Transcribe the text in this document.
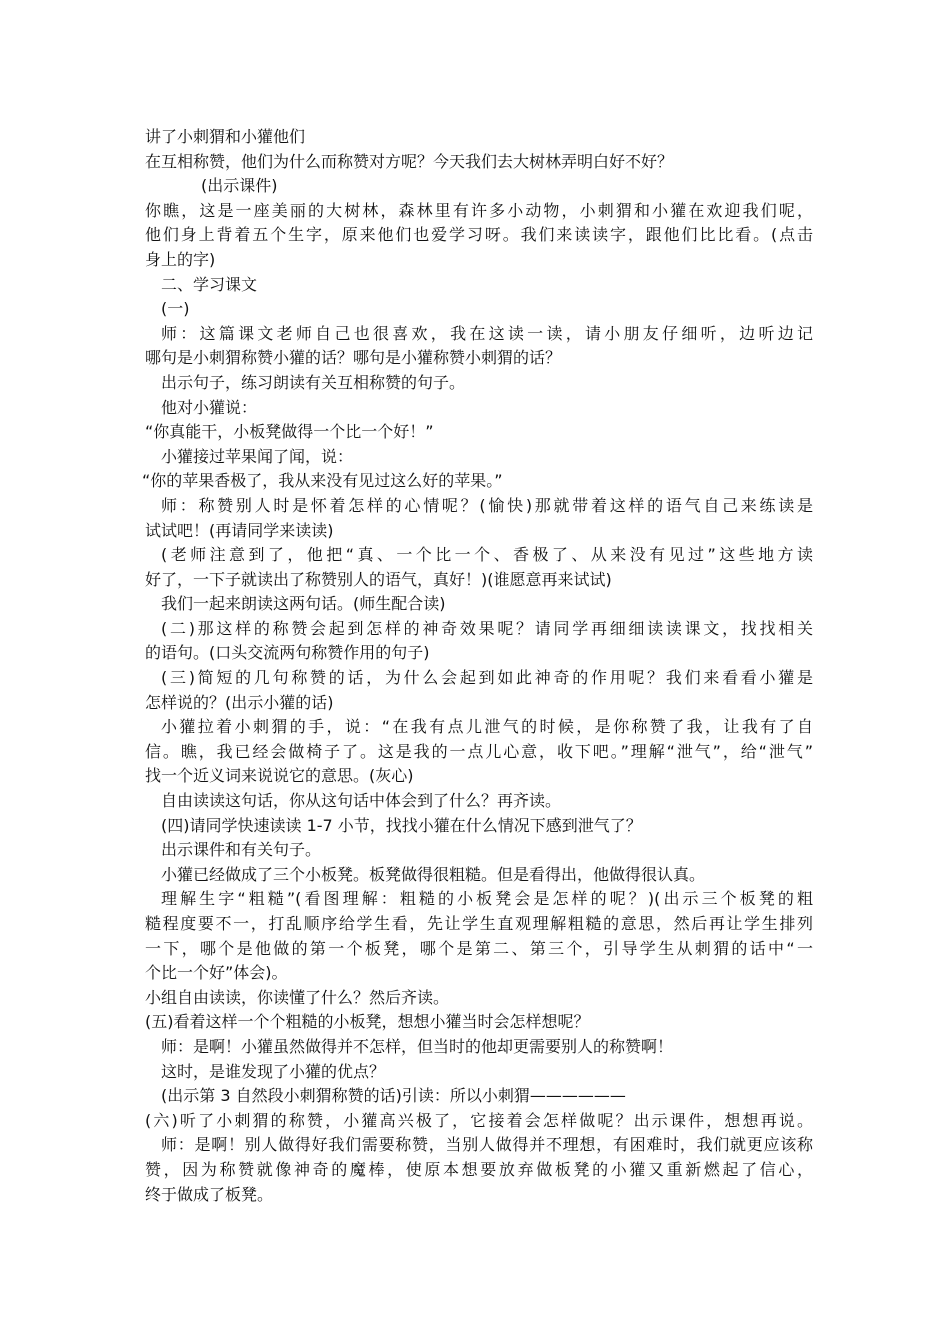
讲了小刺猬和小獾他们
在互相称赞，他们为什么而称赞对方呢？今天我们去大树林弄明白好不好？
(出示课件)
你瞧，这是一座美丽的大树林，森林里有许多小动物，小刺猬和小獾在欢迎我们呢，
他们身上背着五个生字，原来他们也爱学习呀。我们来读读字，跟他们比比看。(点击
身上的字)
二、学习课文
(一)
师：这篇课文老师自己也很喜欢，我在这读一读，请小朋友仔细听，边听边记
哪句是小刺猬称赞小獾的话？哪句是小獾称赞小刺猬的话？
出示句子，练习朗读有关互相称赞的句子。
他对小獾说：
“你真能干，小板凳做得一个比一个好！”
小獾接过苹果闻了闻，说：
“你的苹果香极了，我从来没有见过这么好的苹果。”
师：称赞别人时是怀着怎样的心情呢？(愉快)那就带着这样的语气自己来练读是
试试吧！(再请同学来读读)
(老师注意到了，他把“真、一个比一个、香极了、从来没有见过”这些地方读
好了，一下子就读出了称赞别人的语气，真好！)(谁愿意再来试试)
我们一起来朗读这两句话。(师生配合读)
(二)那这样的称赞会起到怎样的神奇效果呢？请同学再细细读读课文，找找相关
的语句。(口头交流两句称赞作用的句子)
(三)简短的几句称赞的话，为什么会起到如此神奇的作用呢？我们来看看小獾是
怎样说的？(出示小獾的话)
小獾拉着小刺猬的手，说：“在我有点儿泄气的时候，是你称赞了我，让我有了自
信。瞧，我已经会做椅子了。这是我的一点儿心意，收下吧。”理解“泄气”，给“泄气”
找一个近义词来说说它的意思。(灰心)
自由读读这句话，你从这句话中体会到了什么？再齐读。
(四)请同学快速读读 1-7 小节，找找小獾在什么情况下感到泄气了？
出示课件和有关句子。
小獾已经做成了三个小板凳。板凳做得很粗糙。但是看得出，他做得很认真。
理解生字“粗糙”(看图理解：粗糙的小板凳会是怎样的呢？)(出示三个板凳的粗
糙程度要不一，打乱顺序给学生看，先让学生直观理解粗糙的意思，然后再让学生排列
一下，哪个是他做的第一个板凳，哪个是第二、第三个，引导学生从刺猬的话中“一
个比一个好”体会)。
小组自由读读，你读懂了什么？然后齐读。
(五)看着这样一个个粗糙的小板凳，想想小獾当时会怎样想呢？
师：是啊！小獾虽然做得并不怎样，但当时的他却更需要别人的称赞啊！
这时，是谁发现了小獾的优点？
(出示第 3 自然段小刺猬称赞的话)引读：所以小刺猬——————
(六)听了小刺猬的称赞，小獾高兴极了，它接着会怎样做呢？出示课件，想想再说。
师：是啊！别人做得好我们需要称赞，当别人做得并不理想，有困难时，我们就更应该称
赞，因为称赞就像神奇的魔棒，使原本想要放弃做板凳的小獾又重新燃起了信心，
终于做成了板凳。
